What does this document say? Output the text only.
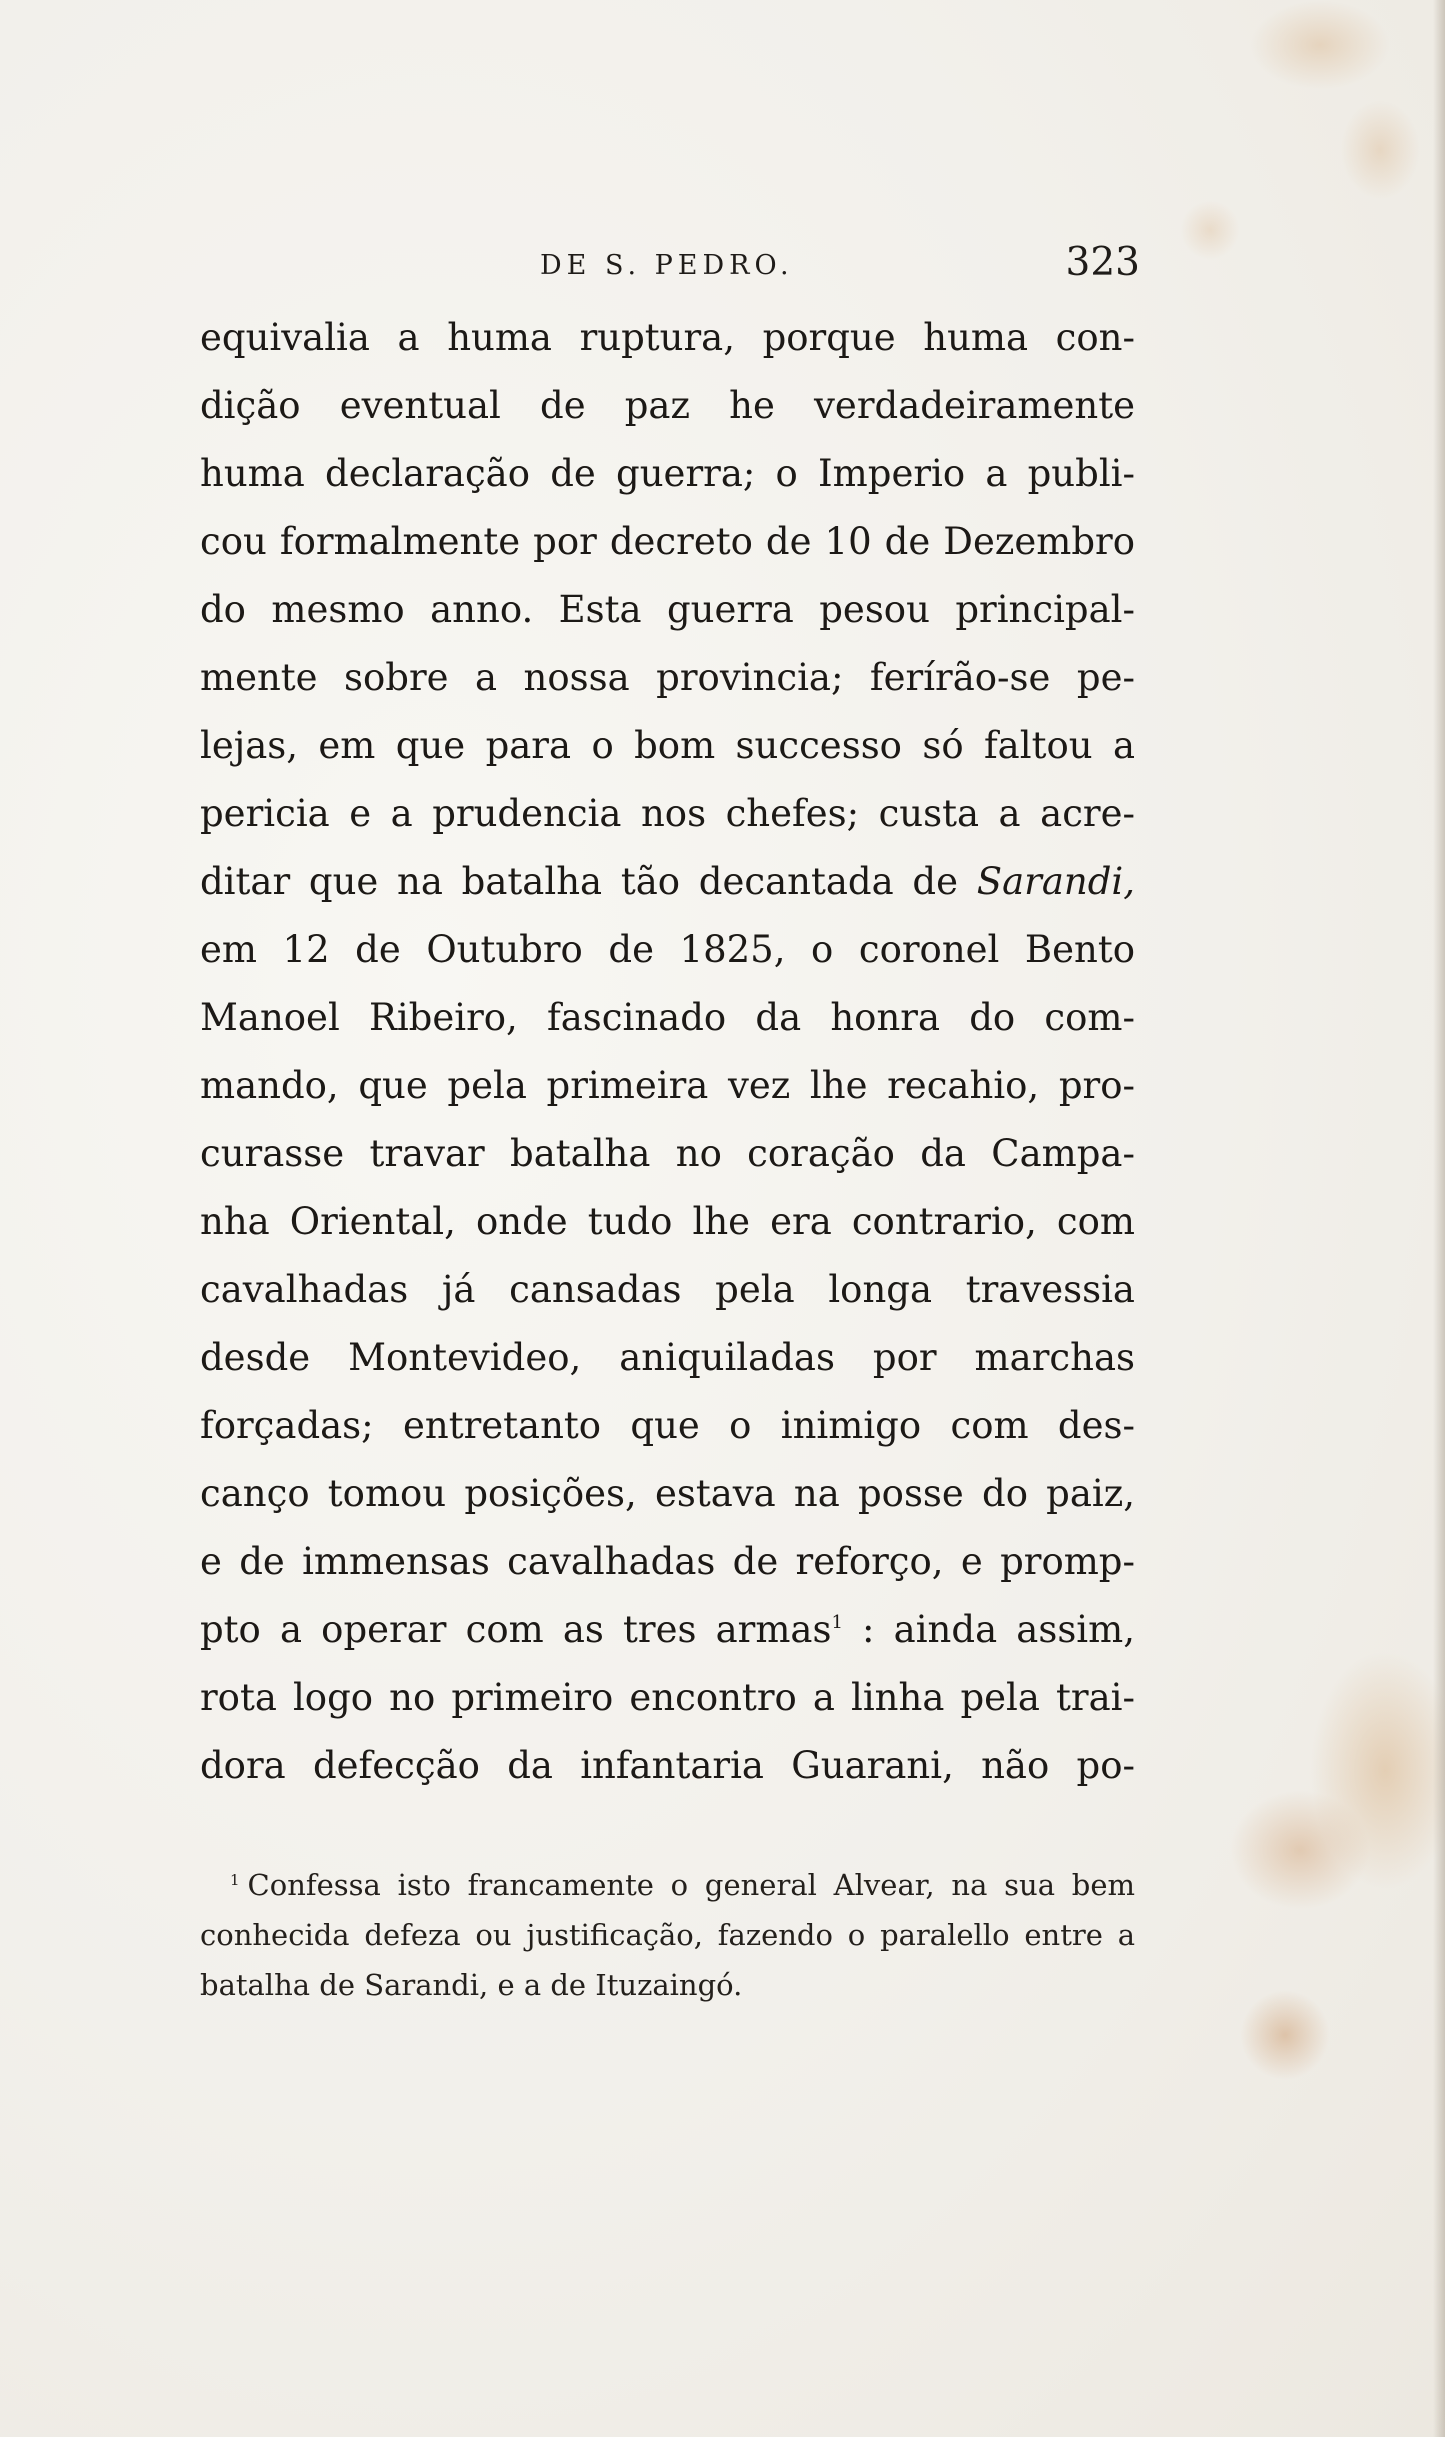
DE S. PEDRO.	323
equivalia a huma ruptura, porque huma con-
dição eventual de paz he verdadeiramente
huma declaração de guerra; o Imperio a publi-
cou formalmente por decreto de 10 de Dezembro
do mesmo anno. Esta guerra pesou principal-
mente sobre a nossa provincia; ferírão-se pe-
lejas, em que para o bom successo só faltou a
pericia e a prudencia nos chefes; custa a acre-
ditar que na batalha tão decantada de Sarandi,
em 12 de Outubro de 1825, o coronel Bento
Manoel Ribeiro, fascinado da honra do com-
mando, que pela primeira vez lhe recahio, pro-
curasse travar batalha no coração da Campa-
nha Oriental, onde tudo lhe era contrario, com
cavalhadas já cansadas pela longa travessia
desde Montevideo, aniquiladas por marchas
forçadas; entretanto que o inimigo com des-
canço tomou posições, estava na posse do paiz,
e de immensas cavalhadas de reforço, e promp-
pto a operar com as tres armas$^1$ : ainda assim,
rota logo no primeiro encontro a linha pela trai-
dora defecção da infantaria Guarani, não po-
$^1$ Confessa isto francamente o general Alvear, na sua bem
conhecida defeza ou justificação, fazendo o paralello entre a
batalha de Sarandi, e a de Ituzaingó.
